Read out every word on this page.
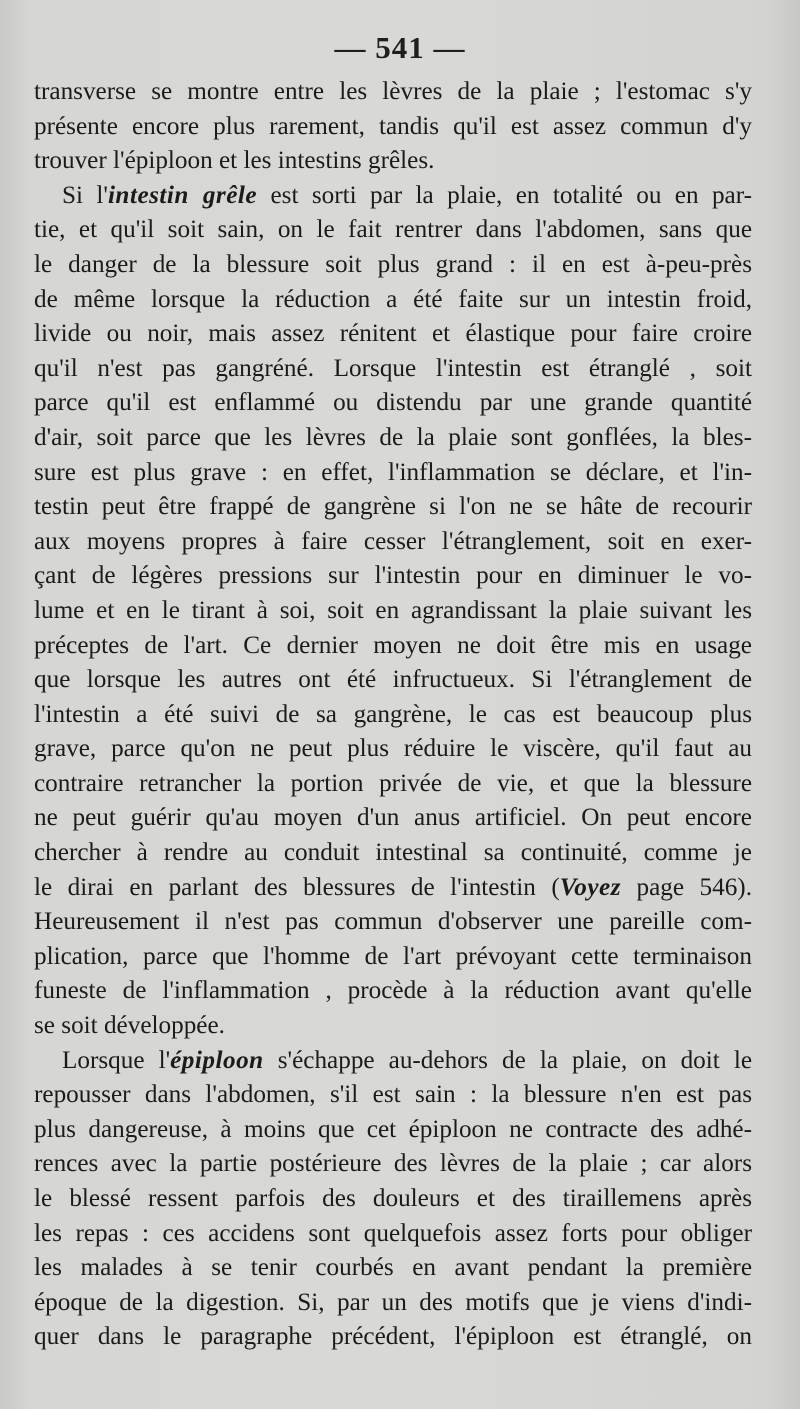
— 541 —
transverse se montre entre les lèvres de la plaie ; l'estomac s'y
présente encore plus rarement, tandis qu'il est assez commun d'y
trouver l'épiploon et les intestins grêles.
Si l'intestin grêle est sorti par la plaie, en totalité ou en par-
tie, et qu'il soit sain, on le fait rentrer dans l'abdomen, sans que
le danger de la blessure soit plus grand : il en est à-peu-près
de même lorsque la réduction a été faite sur un intestin froid,
livide ou noir, mais assez rénitent et élastique pour faire croire
qu'il n'est pas gangréné. Lorsque l'intestin est étranglé , soit
parce qu'il est enflammé ou distendu par une grande quantité
d'air, soit parce que les lèvres de la plaie sont gonflées, la bles-
sure est plus grave : en effet, l'inflammation se déclare, et l'in-
testin peut être frappé de gangrène si l'on ne se hâte de recourir
aux moyens propres à faire cesser l'étranglement, soit en exer-
çant de légères pressions sur l'intestin pour en diminuer le vo-
lume et en le tirant à soi, soit en agrandissant la plaie suivant les
préceptes de l'art. Ce dernier moyen ne doit être mis en usage
que lorsque les autres ont été infructueux. Si l'étranglement de
l'intestin a été suivi de sa gangrène, le cas est beaucoup plus
grave, parce qu'on ne peut plus réduire le viscère, qu'il faut au
contraire retrancher la portion privée de vie, et que la blessure
ne peut guérir qu'au moyen d'un anus artificiel. On peut encore
chercher à rendre au conduit intestinal sa continuité, comme je
le dirai en parlant des blessures de l'intestin (Voyez page 546).
Heureusement il n'est pas commun d'observer une pareille com-
plication, parce que l'homme de l'art prévoyant cette terminaison
funeste de l'inflammation , procède à la réduction avant qu'elle
se soit développée.
Lorsque l'épiploon s'échappe au-dehors de la plaie, on doit le
repousser dans l'abdomen, s'il est sain : la blessure n'en est pas
plus dangereuse, à moins que cet épiploon ne contracte des adhé-
rences avec la partie postérieure des lèvres de la plaie ; car alors
le blessé ressent parfois des douleurs et des tiraillemens après
les repas : ces accidens sont quelquefois assez forts pour obliger
les malades à se tenir courbés en avant pendant la première
époque de la digestion. Si, par un des motifs que je viens d'indi-
quer dans le paragraphe précédent, l'épiploon est étranglé, on
